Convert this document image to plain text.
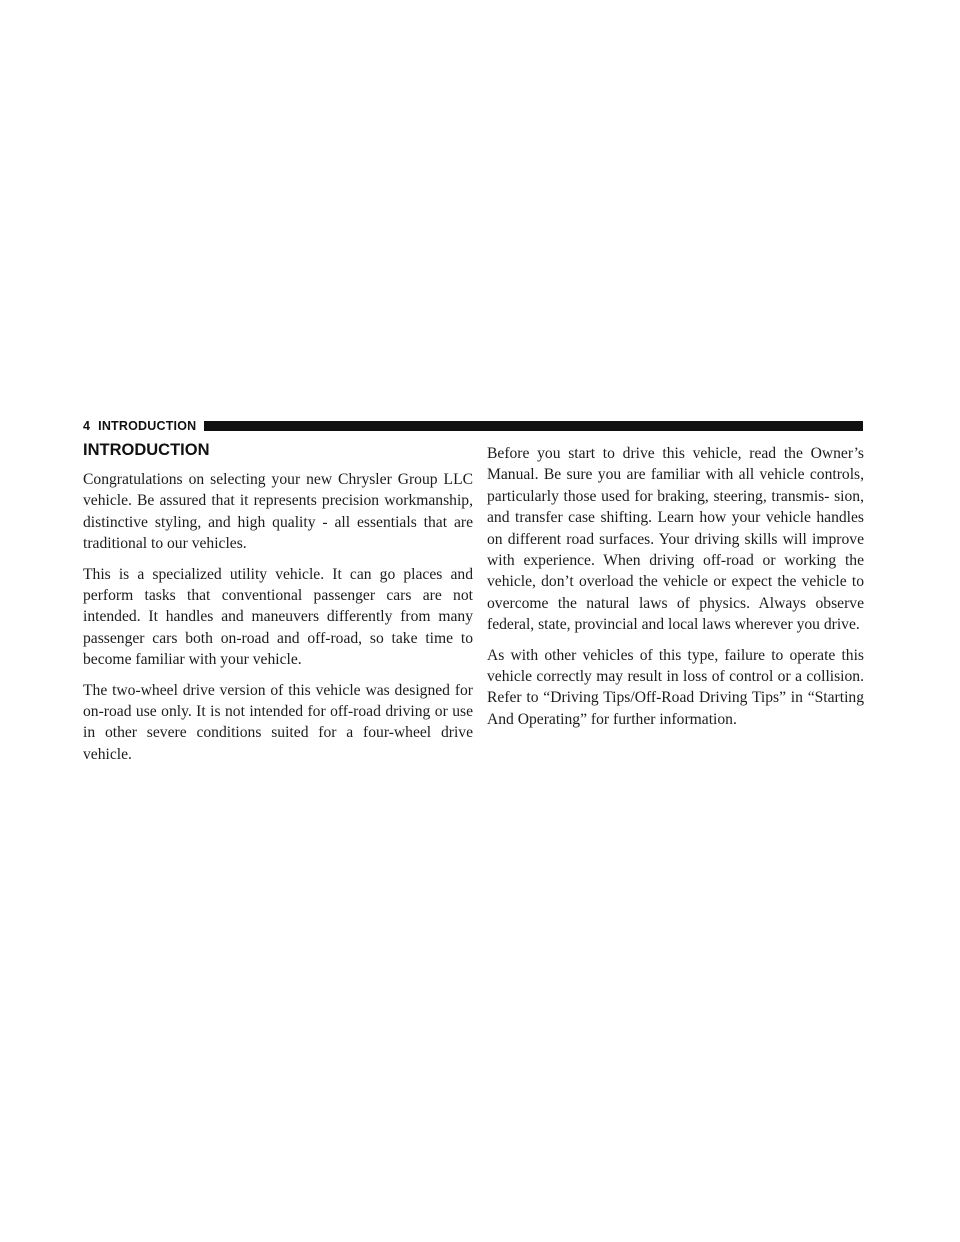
4 INTRODUCTION
INTRODUCTION

Congratulations on selecting your new Chrysler Group LLC vehicle. Be assured that it represents precision workmanship, distinctive styling, and high quality - all essentials that are traditional to our vehicles.

This is a specialized utility vehicle. It can go places and perform tasks that conventional passenger cars are not intended. It handles and maneuvers differently from many passenger cars both on-road and off-road, so take time to become familiar with your vehicle.

The two-wheel drive version of this vehicle was designed for on-road use only. It is not intended for off-road driving or use in other severe conditions suited for a four-wheel drive vehicle.

Before you start to drive this vehicle, read the Owner’s Manual. Be sure you are familiar with all vehicle controls, particularly those used for braking, steering, transmis- sion, and transfer case shifting. Learn how your vehicle handles on different road surfaces. Your driving skills will improve with experience. When driving off-road or working the vehicle, don’t overload the vehicle or expect the vehicle to overcome the natural laws of physics. Always observe federal, state, provincial and local laws wherever you drive.

As with other vehicles of this type, failure to operate this vehicle correctly may result in loss of control or a collision. Refer to “Driving Tips/Off-Road Driving Tips” in “Starting And Operating” for further information.
